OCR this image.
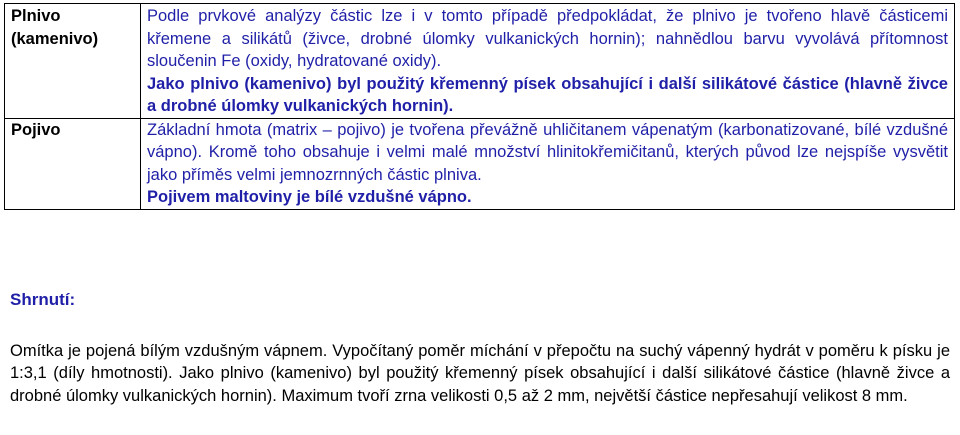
Plnivo (kamenivo)	Podle prvkové analýzy částic lze i v tomto případě předpokládat, že plnivo je tvořeno hlavě částicemi křemene a silikátů (živce, drobné úlomky vulkanických hornin); nahnědlou barvu vyvolává přítomnost sloučenin Fe (oxidy, hydratované oxidy).
Jako plnivo (kamenivo) byl použitý křemenný písek obsahující i další silikátové částice (hlavně živce a drobné úlomky vulkanických hornin).

Pojivo	Základní hmota (matrix – pojivo) je tvořena převážně uhličitanem vápenatým (karbonatizované, bílé vzdušné vápno). Kromě toho obsahuje i velmi malé množství hlinitokřemičitanů, kterých původ lze nejspíše vysvětit jako příměs velmi jemnozrnných částic plniva.
Pojivem maltoviny je bílé vzdušné vápno.
Shrnutí:

Omítka je pojená bílým vzdušným vápnem. Vypočítaný poměr míchání v přepočtu na suchý vápenný hydrát v poměru k písku je 1:3,1 (díly hmotnosti). Jako plnivo (kamenivo) byl použitý křemenný písek obsahující i další silikátové částice (hlavně živce a drobné úlomky vulkanických hornin). Maximum tvoří zrna velikosti 0,5 až 2 mm, největší částice nepřesahují velikost 8 mm.
